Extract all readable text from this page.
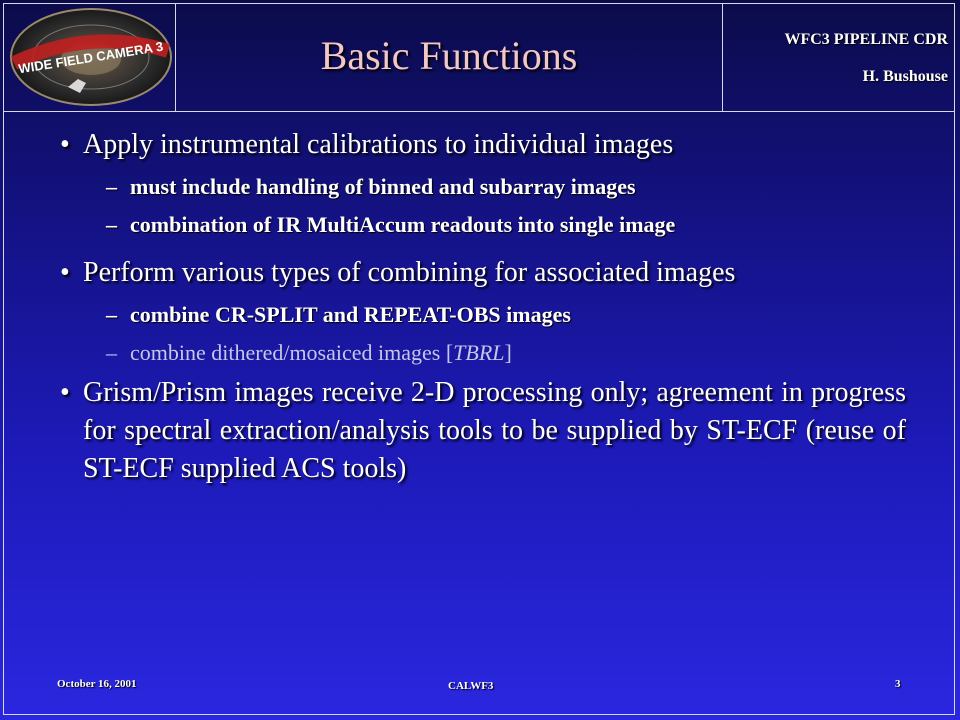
WIDE FIELD CAMERA 3	Basic Functions	WFC3 PIPELINE CDR
H. Bushouse
• Apply instrumental calibrations to individual images
– must include handling of binned and subarray images
– combination of IR MultiAccum readouts into single image
• Perform various types of combining for associated images
– combine CR-SPLIT and REPEAT-OBS images
– combine dithered/mosaiced images [TBRL]
• Grism/Prism images receive 2-D processing only; agreement in progress for spectral extraction/analysis tools to be supplied by ST-ECF (reuse of ST-ECF supplied ACS tools)
October 16, 2001	CALWF3	3
